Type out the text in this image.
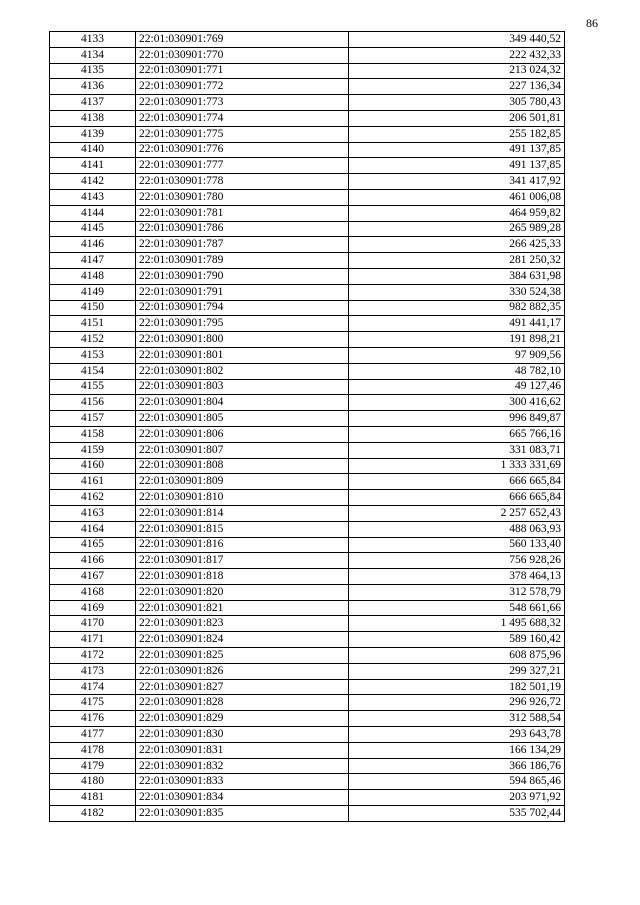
86
4133	22:01:030901:769	349 440,52
4134	22:01:030901:770	222 432,33
4135	22:01:030901:771	213 024,32
4136	22:01:030901:772	227 136,34
4137	22:01:030901:773	305 780,43
4138	22:01:030901:774	206 501,81
4139	22:01:030901:775	255 182,85
4140	22:01:030901:776	491 137,85
4141	22:01:030901:777	491 137,85
4142	22:01:030901:778	341 417,92
4143	22:01:030901:780	461 006,08
4144	22:01:030901:781	464 959,82
4145	22:01:030901:786	265 989,28
4146	22:01:030901:787	266 425,33
4147	22:01:030901:789	281 250,32
4148	22:01:030901:790	384 631,98
4149	22:01:030901:791	330 524,38
4150	22:01:030901:794	982 882,35
4151	22:01:030901:795	491 441,17
4152	22:01:030901:800	191 898,21
4153	22:01:030901:801	97 909,56
4154	22:01:030901:802	48 782,10
4155	22:01:030901:803	49 127,46
4156	22:01:030901:804	300 416,62
4157	22:01:030901:805	996 849,87
4158	22:01:030901:806	665 766,16
4159	22:01:030901:807	331 083,71
4160	22:01:030901:808	1 333 331,69
4161	22:01:030901:809	666 665,84
4162	22:01:030901:810	666 665,84
4163	22:01:030901:814	2 257 652,43
4164	22:01:030901:815	488 063,93
4165	22:01:030901:816	560 133,40
4166	22:01:030901:817	756 928,26
4167	22:01:030901:818	378 464,13
4168	22:01:030901:820	312 578,79
4169	22:01:030901:821	548 661,66
4170	22:01:030901:823	1 495 688,32
4171	22:01:030901:824	589 160,42
4172	22:01:030901:825	608 875,96
4173	22:01:030901:826	299 327,21
4174	22:01:030901:827	182 501,19
4175	22:01:030901:828	296 926,72
4176	22:01:030901:829	312 588,54
4177	22:01:030901:830	293 643,78
4178	22:01:030901:831	166 134,29
4179	22:01:030901:832	366 186,76
4180	22:01:030901:833	594 865,46
4181	22:01:030901:834	203 971,92
4182	22:01:030901:835	535 702,44
